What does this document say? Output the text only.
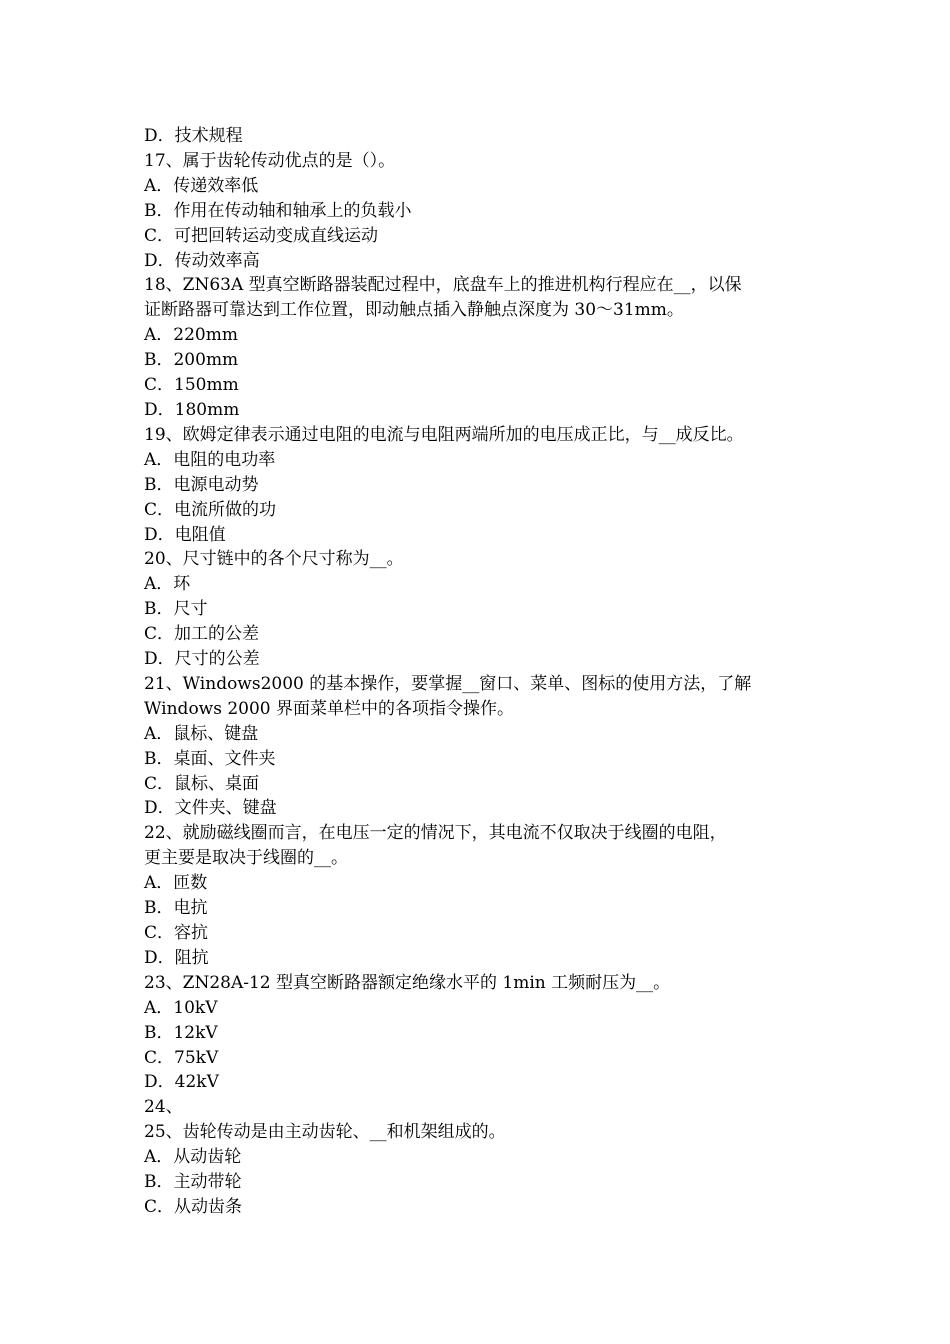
D．技术规程

17、属于齿轮传动优点的是（）。

A．传递效率低

B．作用在传动轴和轴承上的负载小

C．可把回转运动变成直线运动

D．传动效率高

18、ZN63A 型真空断路器装配过程中，底盘车上的推进机构行程应在__，以保

证断路器可靠达到工作位置，即动触点插入静触点深度为 30～31mm。

A．220mm

B．200mm

C．150mm

D．180mm

19、欧姆定律表示通过电阻的电流与电阻两端所加的电压成正比，与__成反比。

A．电阻的电功率

B．电源电动势

C．电流所做的功

D．电阻值

20、尺寸链中的各个尺寸称为__。

A．环

B．尺寸

C．加工的公差

D．尺寸的公差

21、Windows2000 的基本操作，要掌握__窗口、菜单、图标的使用方法，了解

Windows 2000 界面菜单栏中的各项指令操作。

A．鼠标、键盘

B．桌面、文件夹

C．鼠标、桌面

D．文件夹、键盘

22、就励磁线圈而言，在电压一定的情况下，其电流不仅取决于线圈的电阻，

更主要是取决于线圈的__。

A．匝数

B．电抗

C．容抗

D．阻抗

23、ZN28A-12 型真空断路器额定绝缘水平的 1min 工频耐压为__。

A．10kV

B．12kV

C．75kV

D．42kV

24、

25、齿轮传动是由主动齿轮、__和机架组成的。

A．从动齿轮

B．主动带轮

C．从动齿条
